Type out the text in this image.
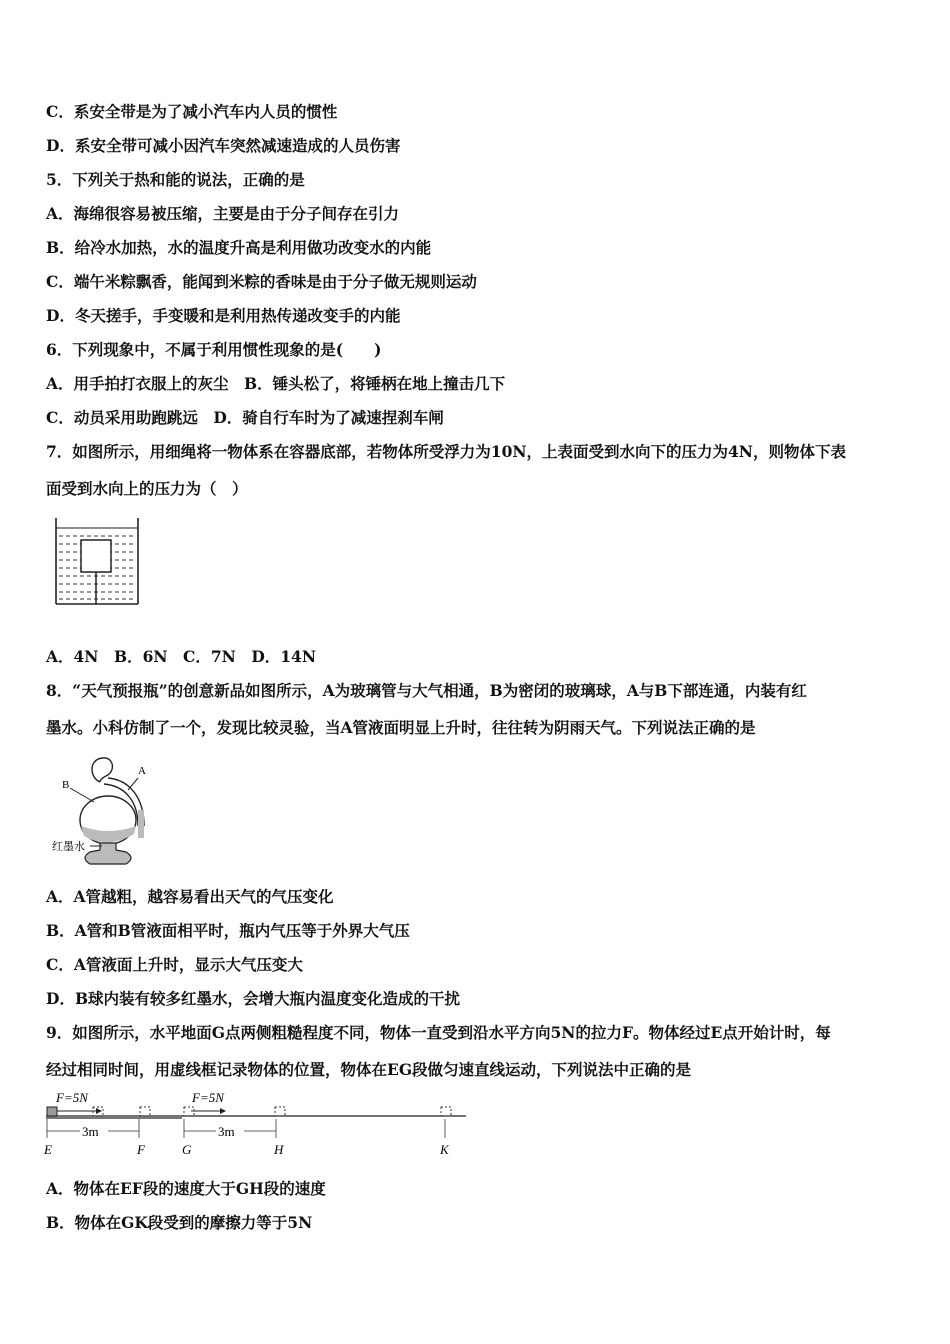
C．系安全带是为了减小汽车内人员的惯性
D．系安全带可减小因汽车突然减速造成的人员伤害
5．下列关于热和能的说法，正确的是
A．海绵很容易被压缩，主要是由于分子间存在引力
B．给冷水加热，水的温度升高是利用做功改变水的内能
C．端午米粽飘香，能闻到米粽的香味是由于分子做无规则运动
D．冬天搓手，手变暖和是利用热传递改变手的内能
6．下列现象中，不属于利用惯性现象的是(　　)
A．用手拍打衣服上的灰尘　B．锤头松了，将锤柄在地上撞击几下
C．动员采用助跑跳远　D．骑自行车时为了减速捏刹车闸
7．如图所示，用细绳将一物体系在容器底部，若物体所受浮力为10N，上表面受到水向下的压力为4N，则物体下表
面受到水向上的压力为（　）
A．4N　B．6N　C．7N　D．14N
8．“天气预报瓶”的创意新品如图所示，A为玻璃管与大气相通，B为密闭的玻璃球，A与B下部连通，内装有红
墨水。小科仿制了一个，发现比较灵验，当A管液面明显上升时，往往转为阴雨天气。下列说法正确的是
B
A
红墨水
A．A管越粗，越容易看出天气的气压变化
B．A管和B管液面相平时，瓶内气压等于外界大气压
C．A管液面上升时，显示大气压变大
D．B球内装有较多红墨水，会增大瓶内温度变化造成的干扰
9．如图所示，水平地面G点两侧粗糙程度不同，物体一直受到沿水平方向5N的拉力F。物体经过E点开始计时，每
经过相同时间，用虚线框记录物体的位置，物体在EG段做匀速直线运动，下列说法中正确的是
F=5N	F=5N
3m	3m
E	F	G	H	K
A．物体在EF段的速度大于GH段的速度
B．物体在GK段受到的摩擦力等于5N
